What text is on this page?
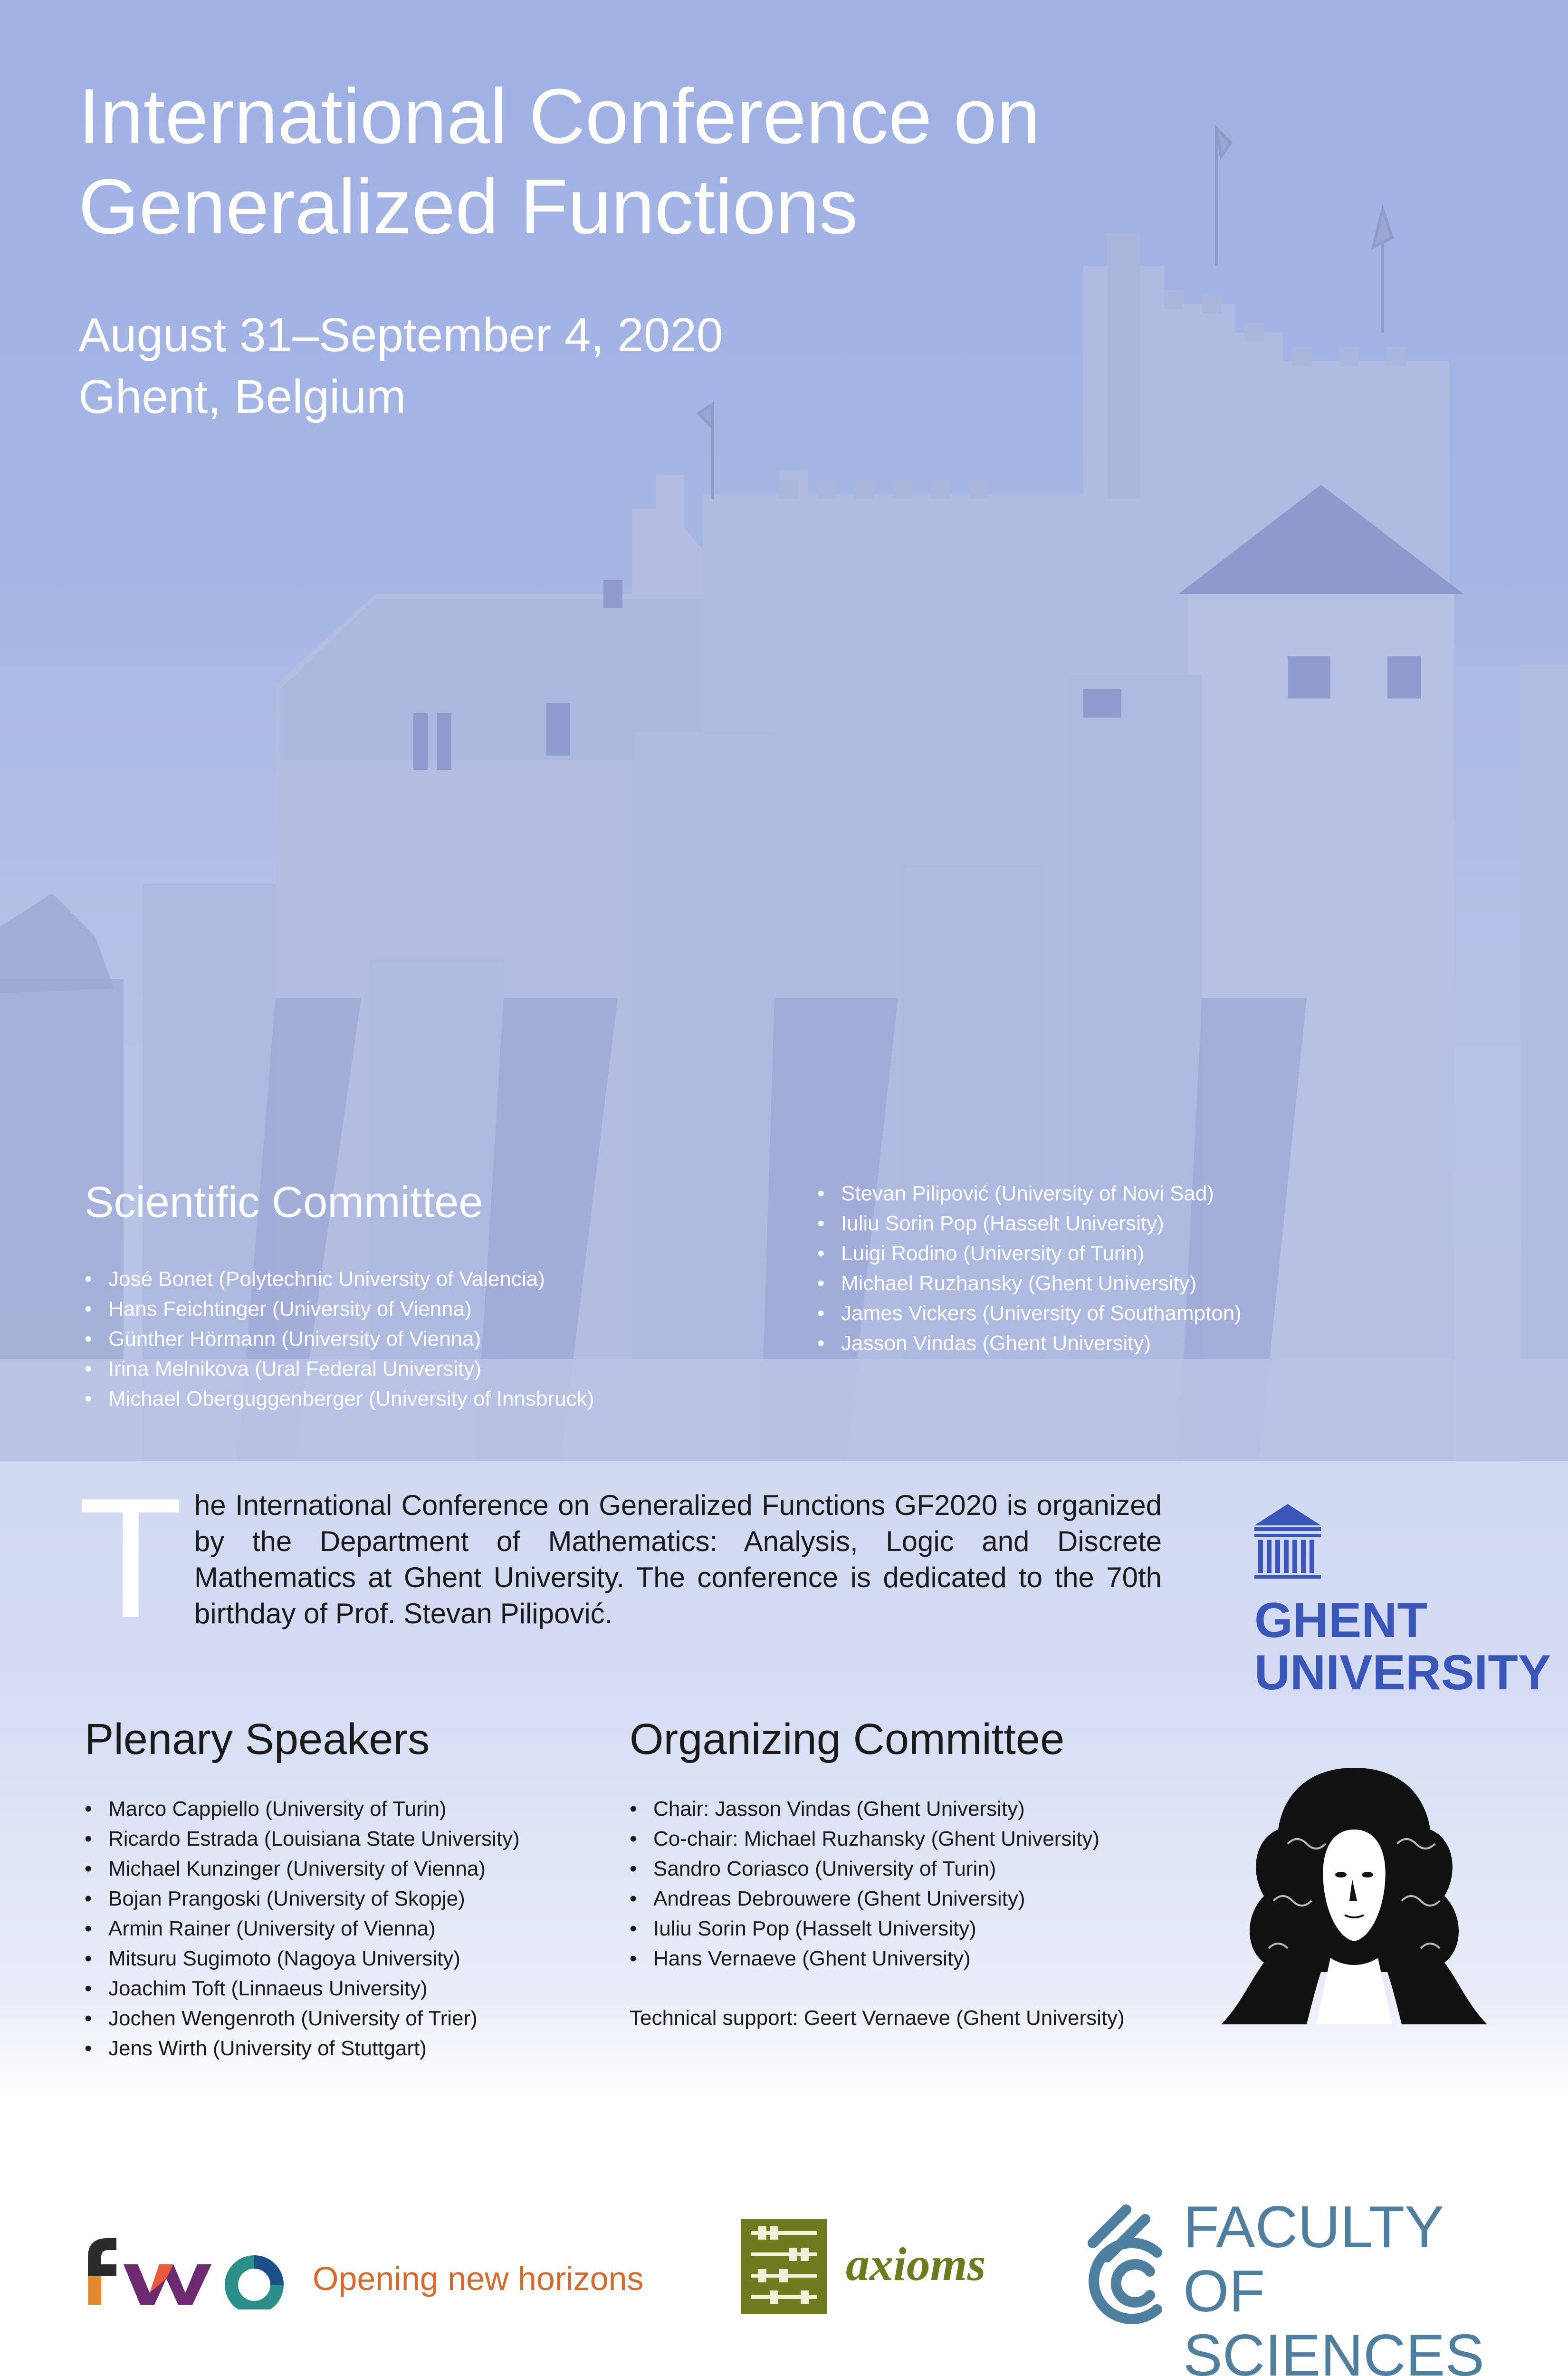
International Conference on
Generalized Functions
August 31–September 4, 2020
Ghent, Belgium
Scientific Committee
• José Bonet (Polytechnic University of Valencia)
• Hans Feichtinger (University of Vienna)
• Günther Hörmann (University of Vienna)
• Irina Melnikova (Ural Federal University)
• Michael Oberguggenberger (University of Innsbruck)
• Stevan Pilipović (University of Novi Sad)
• Iuliu Sorin Pop (Hasselt University)
• Luigi Rodino (University of Turin)
• Michael Ruzhansky (Ghent University)
• James Vickers (University of Southampton)
• Jasson Vindas (Ghent University)

The International Conference on Generalized Functions GF2020 is organized by the Department of Mathematics: Analysis, Logic and Discrete Mathematics at Ghent University. The conference is dedicated to the 70th birthday of Prof. Stevan Pilipović.	GHENT
UNIVERSITY
Plenary Speakers
• Marco Cappiello (University of Turin)
• Ricardo Estrada (Louisiana State University)
• Michael Kunzinger (University of Vienna)
• Bojan Prangoski (University of Skopje)
• Armin Rainer (University of Vienna)
• Mitsuru Sugimoto (Nagoya University)
• Joachim Toft (Linnaeus University)
• Jochen Wengenroth (University of Trier)
• Jens Wirth (University of Stuttgart)
Organizing Committee
• Chair: Jasson Vindas (Ghent University)
• Co-chair: Michael Ruzhansky (Ghent University)
• Sandro Coriasco (University of Turin)
• Andreas Debrouwere (Ghent University)
• Iuliu Sorin Pop (Hasselt University)
• Hans Vernaeve (Ghent University)
Technical support: Geert Vernaeve (Ghent University)
Opening new horizons	axioms
FACULTY
OF SCIENCES
